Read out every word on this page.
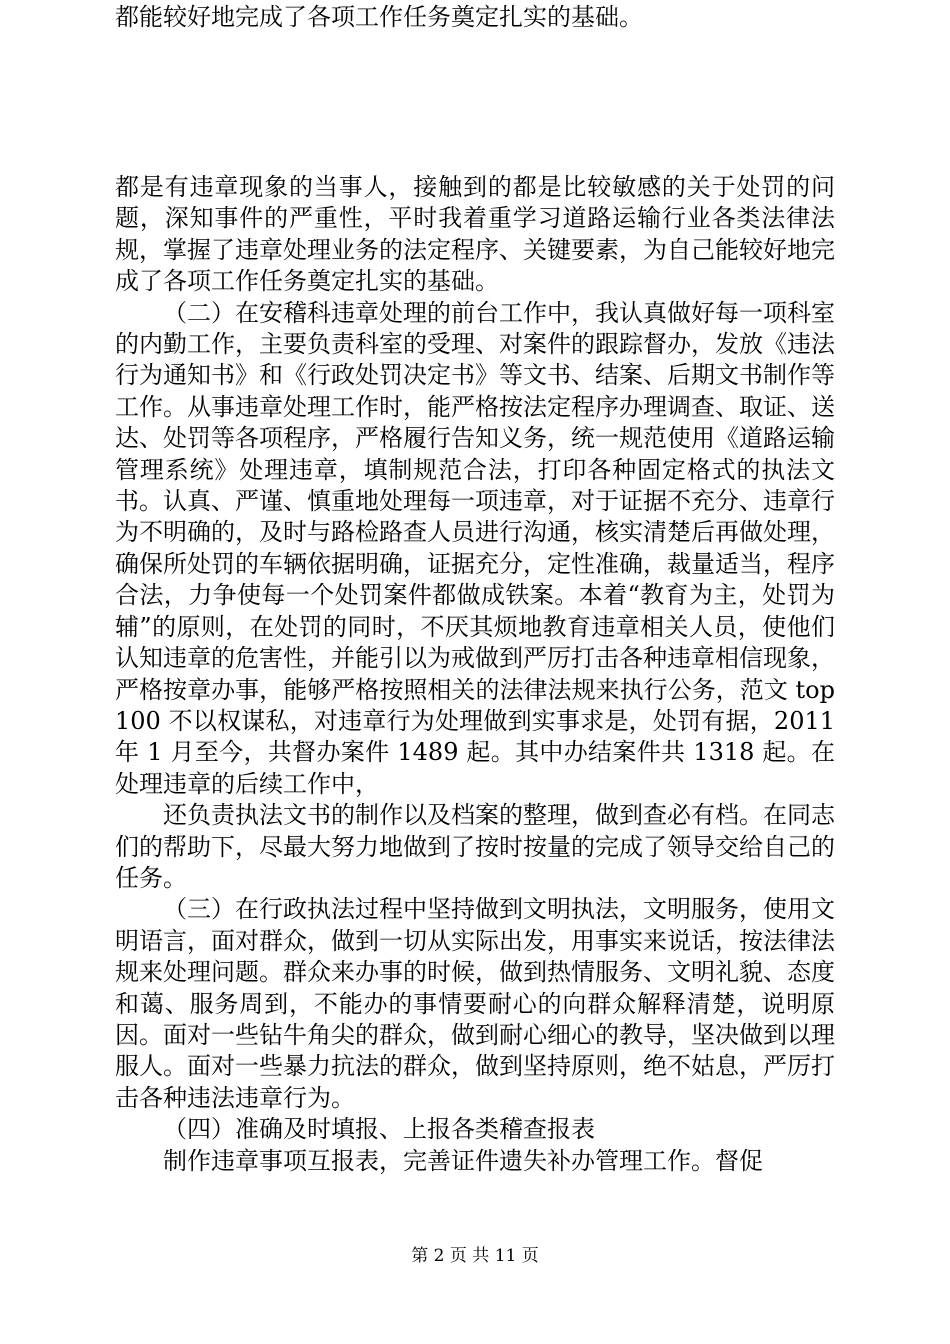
都能较好地完成了各项工作任务奠定扎实的基础。

都是有违章现象的当事人，接触到的都是比较敏感的关于处罚的问题，深知事件的严重性，平时我着重学习道路运输行业各类法律法规，掌握了违章处理业务的法定程序、关键要素，为自己能较好地完成了各项工作任务奠定扎实的基础。

（二）在安稽科违章处理的前台工作中，我认真做好每一项科室的内勤工作，主要负责科室的受理、对案件的跟踪督办，发放《违法行为通知书》和《行政处罚决定书》等文书、结案、后期文书制作等工作。从事违章处理工作时，能严格按法定程序办理调查、取证、送达、处罚等各项程序，严格履行告知义务，统一规范使用《道路运输管理系统》处理违章，填制规范合法，打印各种固定格式的执法文书。认真、严谨、慎重地处理每一项违章，对于证据不充分、违章行为不明确的，及时与路检路查人员进行沟通，核实清楚后再做处理，确保所处罚的车辆依据明确，证据充分，定性准确，裁量适当，程序合法，力争使每一个处罚案件都做成铁案。本着“教育为主，处罚为辅”的原则，在处罚的同时，不厌其烦地教育违章相关人员，使他们认知违章的危害性，并能引以为戒做到严厉打击各种违章相信现象，严格按章办事，能够严格按照相关的法律法规来执行公务，范文 top100 不以权谋私，对违章行为处理做到实事求是，处罚有据，2011 年 1 月至今，共督办案件 1489 起。其中办结案件共 1318 起。在处理违章的后续工作中，

还负责执法文书的制作以及档案的整理，做到查必有档。在同志们的帮助下，尽最大努力地做到了按时按量的完成了领导交给自己的任务。

（三）在行政执法过程中坚持做到文明执法，文明服务，使用文明语言，面对群众，做到一切从实际出发，用事实来说话，按法律法规来处理问题。群众来办事的时候，做到热情服务、文明礼貌、态度和蔼、服务周到，不能办的事情要耐心的向群众解释清楚，说明原因。面对一些钻牛角尖的群众，做到耐心细心的教导，坚决做到以理服人。面对一些暴力抗法的群众，做到坚持原则，绝不姑息，严厉打击各种违法违章行为。

（四）准确及时填报、上报各类稽查报表

制作违章事项互报表，完善证件遗失补办管理工作。督促

第 2 页 共 11 页
